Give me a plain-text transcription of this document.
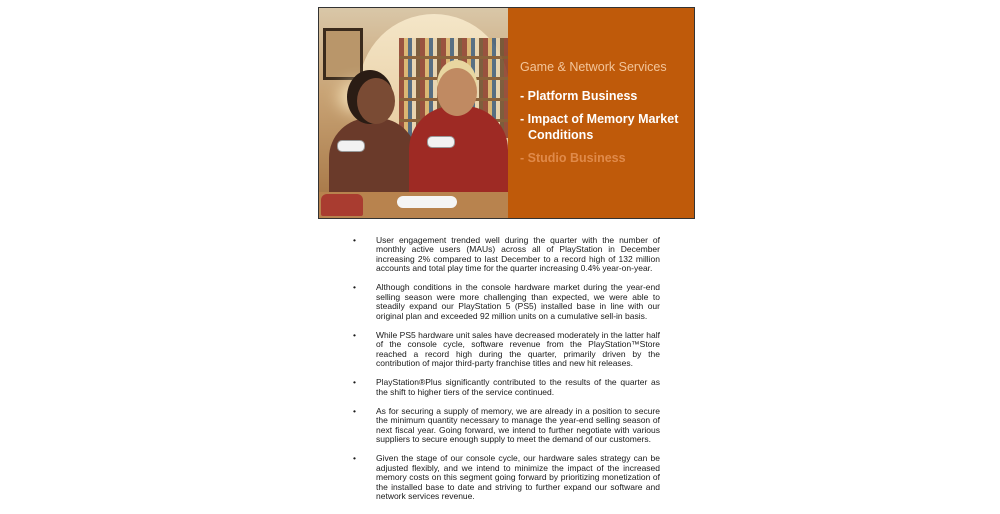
Game & Network Services
- Platform Business
- Impact of Memory Market Conditions
- Studio Business
• User engagement trended well during the quarter with the number of monthly active users (MAUs) across all of PlayStation in December increasing 2% compared to last December to a record high of 132 million accounts and total play time for the quarter increasing 0.4% year-on-year.
• Although conditions in the console hardware market during the year-end selling season were more challenging than expected, we were able to steadily expand our PlayStation 5 (PS5) installed base in line with our original plan and exceeded 92 million units on a cumulative sell-in basis.
• While PS5 hardware unit sales have decreased moderately in the latter half of the console cycle, software revenue from the PlayStation™Store reached a record high during the quarter, primarily driven by the contribution of major third-party franchise titles and new hit releases.
• PlayStation®Plus significantly contributed to the results of the quarter as the shift to higher tiers of the service continued.
• As for securing a supply of memory, we are already in a position to secure the minimum quantity necessary to manage the year-end selling season of next fiscal year. Going forward, we intend to further negotiate with various suppliers to secure enough supply to meet the demand of our customers.
• Given the stage of our console cycle, our hardware sales strategy can be adjusted flexibly, and we intend to minimize the impact of the increased memory costs on this segment going forward by prioritizing monetization of the installed base to date and striving to further expand our software and network services revenue.
